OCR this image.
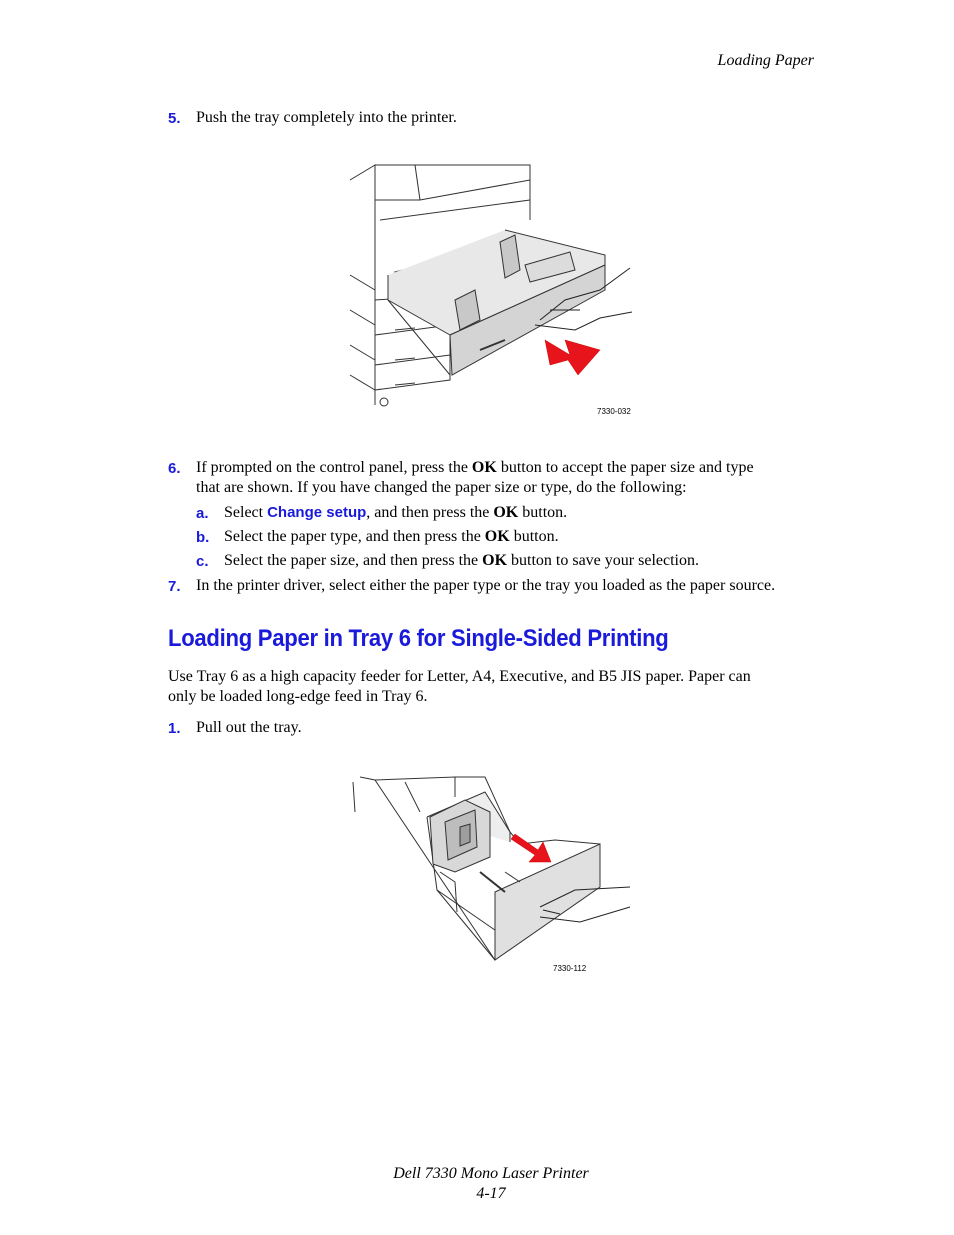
Loading Paper
5. Push the tray completely into the printer.
7330-032
6. If prompted on the control panel, press the OK button to accept the paper size and type
that are shown. If you have changed the paper size or type, do the following:
a. Select Change setup, and then press the OK button.
b. Select the paper type, and then press the OK button.
c. Select the paper size, and then press the OK button to save your selection.
7. In the printer driver, select either the paper type or the tray you loaded as the paper source.
Loading Paper in Tray 6 for Single-Sided Printing
Use Tray 6 as a high capacity feeder for Letter, A4, Executive, and B5 JIS paper. Paper can
only be loaded long-edge feed in Tray 6.
1. Pull out the tray.
7330-112
Dell 7330 Mono Laser Printer
4-17
